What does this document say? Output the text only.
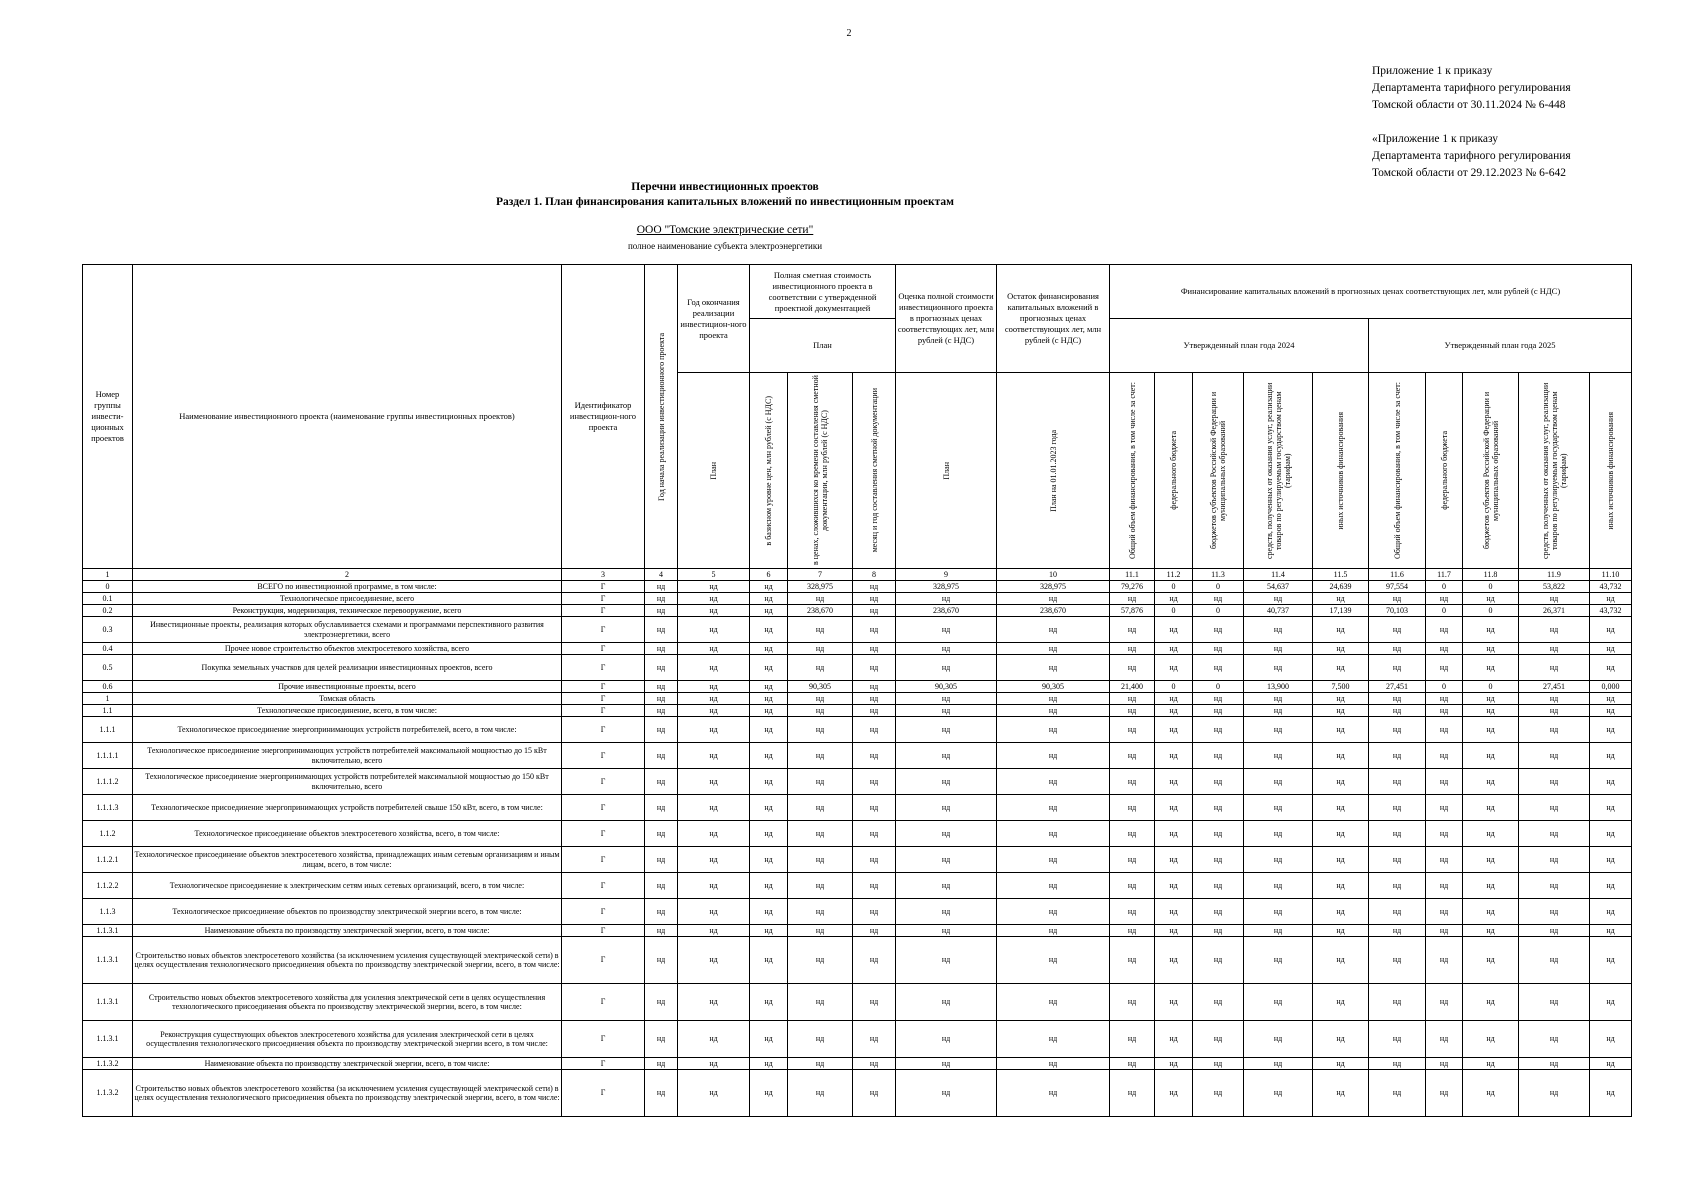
2
Приложение 1 к приказу
Департамента тарифного регулирования
Томской области от 30.11.2024 № 6-448
«Приложение 1 к приказу
Департамента тарифного регулирования
Томской области от 29.12.2023 № 6-642
Перечни инвестиционных проектов
Раздел 1. План финансирования капитальных вложений по инвестиционным проектам
ООО "Томские электрические сети"
полное наименование субъекта электроэнергетики
Номер группы инвести-ционных проектов	Наименование инвестиционного проекта (наименование группы инвестиционных проектов)	Идентификатор инвестицион-ного проекта	Год начала реализации инвестиционного проекта	Год окончания реализации инвестицион-ного проекта	Полная сметная стоимость инвестиционного проекта в соответствии с утвержденной проектной документацией			Оценка полной стоимости инвестиционного проекта в прогнозных ценах соответствующих лет, млн рублей (с НДС)	Остаток финансирования капитальных вложений в прогнозных ценах соответствующих лет, млн рублей (с НДС)	Финансирование капитальных вложений в прогнозных ценах соответствующих лет, млн рублей (с НДС)									
					План					Утвержденный план года 2024					Утвержденный план года 2025				

				План	в базисном уровне цен, млн рублей (с НДС)	в ценах, сложившихся ко времени составления сметной документации, млн рублей (с НДС)	месяц и год составления сметной документации	План	План на 01.01.2023 года	Общий объем финансирования, в том числе за счет:	федерального бюджета	бюджетов субъектов Российской Федерации и муниципальных образований	средств, полученных от оказания услуг, реализации товаров по регулируемым государством ценам (тарифам)	иных источников финансирования	Общий объем финансирования, в том числе за счет:	федерального бюджета	бюджетов субъектов Российской Федерации и муниципальных образований	средств, полученных от оказания услуг, реализации товаров по регулируемым государством ценам (тарифам)	иных источников финансирования

1	2	3	4	5	6	7	8	9	10	11.1	11.2	11.3	11.4	11.5	11.6	11.7	11.8	11.9	11.10
0	ВСЕГО по инвестиционной программе, в том числе:	Г	нд	нд	нд	328,975	нд	328,975	328,975	79,276	0	0	54,637	24,639	97,554	0	0	53,822	43,732
0.1	Технологическое присоединение, всего	Г	нд	нд	нд	нд	нд	нд	нд	нд	нд	нд	нд	нд	нд	нд	нд	нд	нд
0.2	Реконструкция, модернизация, техническое перевооружение, всего	Г	нд	нд	нд	238,670	нд	238,670	238,670	57,876	0	0	40,737	17,139	70,103	0	0	26,371	43,732
0.3	Инвестиционные проекты, реализация которых обуславливается схемами и программами перспективного развития электроэнергетики, всего	Г	нд	нд	нд	нд	нд	нд	нд	нд	нд	нд	нд	нд	нд	нд	нд	нд	нд
0.4	Прочее новое строительство объектов электросетевого хозяйства, всего	Г	нд	нд	нд	нд	нд	нд	нд	нд	нд	нд	нд	нд	нд	нд	нд	нд	нд
0.5	Покупка земельных участков для целей реализации инвестиционных проектов, всего	Г	нд	нд	нд	нд	нд	нд	нд	нд	нд	нд	нд	нд	нд	нд	нд	нд	нд
0.6	Прочие инвестиционные проекты, всего	Г	нд	нд	нд	90,305	нд	90,305	90,305	21,400	0	0	13,900	7,500	27,451	0	0	27,451	0,000
1	Томская область	Г	нд	нд	нд	нд	нд	нд	нд	нд	нд	нд	нд	нд	нд	нд	нд	нд	нд
1.1	Технологическое присоединение, всего, в том числе:	Г	нд	нд	нд	нд	нд	нд	нд	нд	нд	нд	нд	нд	нд	нд	нд	нд	нд
1.1.1	Технологическое присоединение энергопринимающих устройств потребителей, всего, в том числе:	Г	нд	нд	нд	нд	нд	нд	нд	нд	нд	нд	нд	нд	нд	нд	нд	нд	нд
1.1.1.1	Технологическое присоединение энергопринимающих устройств потребителей максимальной мощностью до 15 кВт включительно, всего	Г	нд	нд	нд	нд	нд	нд	нд	нд	нд	нд	нд	нд	нд	нд	нд	нд	нд
1.1.1.2	Технологическое присоединение энергопринимающих устройств потребителей максимальной мощностью до 150 кВт включительно, всего	Г	нд	нд	нд	нд	нд	нд	нд	нд	нд	нд	нд	нд	нд	нд	нд	нд	нд
1.1.1.3	Технологическое присоединение энергопринимающих устройств потребителей свыше 150 кВт, всего, в том числе:	Г	нд	нд	нд	нд	нд	нд	нд	нд	нд	нд	нд	нд	нд	нд	нд	нд	нд
1.1.2	Технологическое присоединение объектов электросетевого хозяйства, всего, в том числе:	Г	нд	нд	нд	нд	нд	нд	нд	нд	нд	нд	нд	нд	нд	нд	нд	нд	нд
1.1.2.1	Технологическое присоединение объектов электросетевого хозяйства, принадлежащих иным сетевым организациям и иным лицам, всего, в том числе:	Г	нд	нд	нд	нд	нд	нд	нд	нд	нд	нд	нд	нд	нд	нд	нд	нд	нд
1.1.2.2	Технологическое присоединение к электрическим сетям иных сетевых организаций, всего, в том числе:	Г	нд	нд	нд	нд	нд	нд	нд	нд	нд	нд	нд	нд	нд	нд	нд	нд	нд
1.1.3	Технологическое присоединение объектов по производству электрической энергии всего, в том числе:	Г	нд	нд	нд	нд	нд	нд	нд	нд	нд	нд	нд	нд	нд	нд	нд	нд	нд
1.1.3.1	Наименование объекта по производству электрической энергии, всего, в том числе:	Г	нд	нд	нд	нд	нд	нд	нд	нд	нд	нд	нд	нд	нд	нд	нд	нд	нд
1.1.3.1	Строительство новых объектов электросетевого хозяйства (за исключением усиления существующей электрической сети) в целях осуществления технологического присоединения объекта по производству электрической энергии, всего, в том числе:	Г	нд	нд	нд	нд	нд	нд	нд	нд	нд	нд	нд	нд	нд	нд	нд	нд	нд
1.1.3.1	Строительство новых объектов электросетевого хозяйства для усиления электрической сети в целях осуществления технологического присоединения объекта по производству электрической энергии, всего, в том числе:	Г	нд	нд	нд	нд	нд	нд	нд	нд	нд	нд	нд	нд	нд	нд	нд	нд	нд
1.1.3.1	Реконструкция существующих объектов электросетевого хозяйства для усиления электрической сети в целях осуществления технологического присоединения объекта по производству электрической энергии всего, в том числе:	Г	нд	нд	нд	нд	нд	нд	нд	нд	нд	нд	нд	нд	нд	нд	нд	нд	нд
1.1.3.2	Наименование объекта по производству электрической энергии, всего, в том числе:	Г	нд	нд	нд	нд	нд	нд	нд	нд	нд	нд	нд	нд	нд	нд	нд	нд	нд
1.1.3.2	Строительство новых объектов электросетевого хозяйства (за исключением усиления существующей электрической сети) в целях осуществления технологического присоединения объекта по производству электрической энергии, всего, в том числе:	Г	нд	нд	нд	нд	нд	нд	нд	нд	нд	нд	нд	нд	нд	нд	нд	нд	нд
